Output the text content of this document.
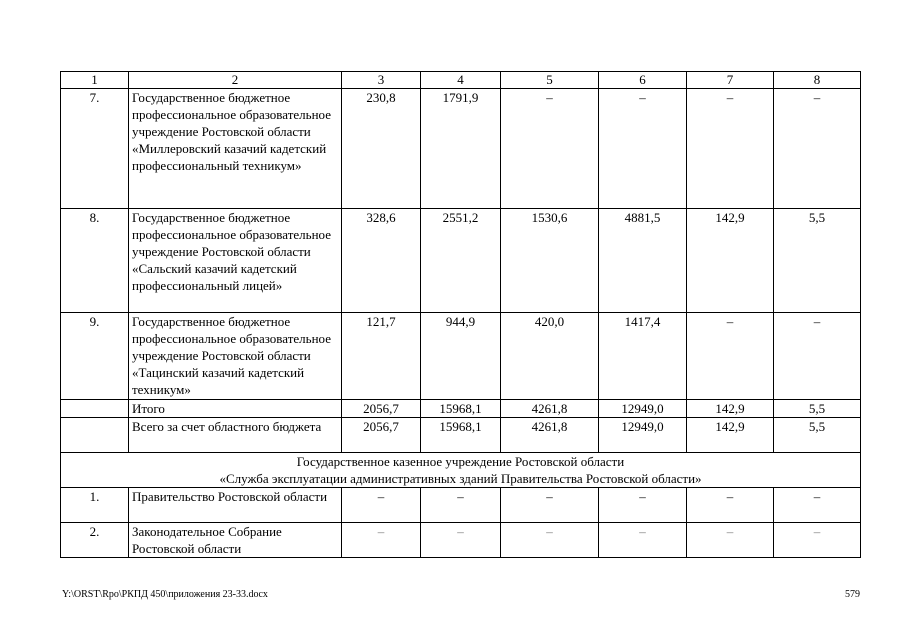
1	2	3	4	5	6	7	8
7.	Государственное бюджетное профессиональное образовательное учреждение Ростовской области «Миллеровский казачий кадетский профессиональный техникум»	230,8	1791,9	–	–	–	–
8.	Государственное бюджетное профессиональное образовательное учреждение Ростовской области «Сальский казачий кадетский профессиональный лицей»	328,6	2551,2	1530,6	4881,5	142,9	5,5
9.	Государственное бюджетное профессиональное образовательное учреждение Ростовской области «Тацинский казачий кадетский техникум»	121,7	944,9	420,0	1417,4	–	–
	Итого	2056,7	15968,1	4261,8	12949,0	142,9	5,5
	Всего за счет областного бюджета	2056,7	15968,1	4261,8	12949,0	142,9	5,5

Государственное казенное учреждение Ростовской области
«Служба эксплуатации административных зданий Правительства Ростовской области»							

1.	Правительство Ростовской области	–	–	–	–	–	–
2.	Законодательное Собрание Ростовской области	–	–	–	–	–	–
Y:\ORST\Rpo\РКПД 450\приложения 23-33.docx	579
